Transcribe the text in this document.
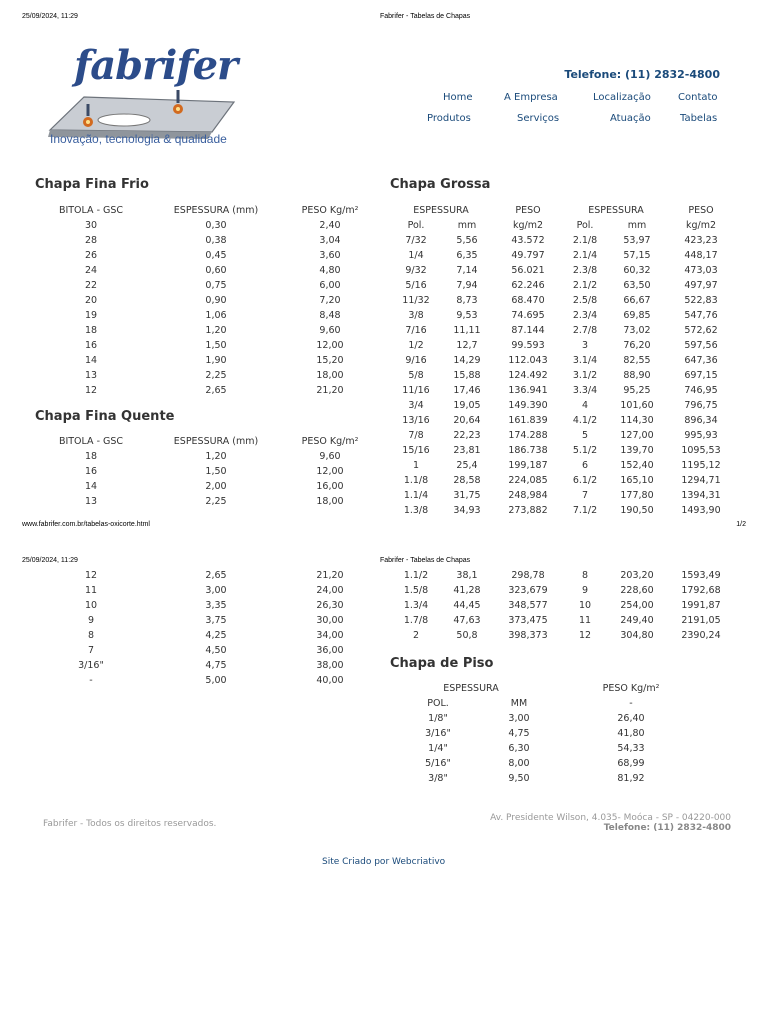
25/09/2024, 11:29	Fabrifer - Tabelas de Chapas
fabrifer
Inovação, tecnologia & qualidade
Telefone: (11) 2832-4800
Home	A Empresa	Localização	Contato
Produtos	Serviços	Atuação	Tabelas
Chapa Fina Frio
BITOLA - GSC	ESPESSURA (mm)	PESO Kg/m²
30	0,30	2,40
28	0,38	3,04
26	0,45	3,60
24	0,60	4,80
22	0,75	6,00
20	0,90	7,20
19	1,06	8,48
18	1,20	9,60
16	1,50	12,00
14	1,90	15,20
13	2,25	18,00
12	2,65	21,20
Chapa Fina Quente
BITOLA - GSC	ESPESSURA (mm)	PESO Kg/m²
18	1,20	9,60
16	1,50	12,00
14	2,00	16,00
13	2,25	18,00
Chapa Grossa
ESPESSURA		PESO	ESPESSURA		PESO
Pol.	mm	kg/m2	Pol.	mm	kg/m2
7/32	5,56	43.572	2.1/8	53,97	423,23
1/4	6,35	49.797	2.1/4	57,15	448,17
9/32	7,14	56.021	2.3/8	60,32	473,03
5/16	7,94	62.246	2.1/2	63,50	497,97
11/32	8,73	68.470	2.5/8	66,67	522,83
3/8	9,53	74.695	2.3/4	69,85	547,76
7/16	11,11	87.144	2.7/8	73,02	572,62
1/2	12,7	99.593	3	76,20	597,56
9/16	14,29	112.043	3.1/4	82,55	647,36
5/8	15,88	124.492	3.1/2	88,90	697,15
11/16	17,46	136.941	3.3/4	95,25	746,95
3/4	19,05	149.390	4	101,60	796,75
13/16	20,64	161.839	4.1/2	114,30	896,34
7/8	22,23	174.288	5	127,00	995,93
15/16	23,81	186.738	5.1/2	139,70	1095,53
1	25,4	199,187	6	152,40	1195,12
1.1/8	28,58	224,085	6.1/2	165,10	1294,71
1.1/4	31,75	248,984	7	177,80	1394,31
1.3/8	34,93	273,882	7.1/2	190,50	1493,90
www.fabrifer.com.br/tabelas-oxicorte.html	1/2
25/09/2024, 11:29	Fabrifer - Tabelas de Chapas
12	2,65	21,20
11	3,00	24,00
10	3,35	26,30
9	3,75	30,00
8	4,25	34,00
7	4,50	36,00
3/16"	4,75	38,00
-	5,00	40,00
1.1/2	38,1	298,78	8	203,20	1593,49
1.5/8	41,28	323,679	9	228,60	1792,68
1.3/4	44,45	348,577	10	254,00	1991,87
1.7/8	47,63	373,475	11	249,40	2191,05
2	50,8	398,373	12	304,80	2390,24
Chapa de Piso
ESPESSURA		PESO Kg/m²
POL.	MM	-
1/8"	3,00	26,40
3/16"	4,75	41,80
1/4"	6,30	54,33
5/16"	8,00	68,99
3/8"	9,50	81,92
Fabrifer - Todos os direitos reservados.
Av. Presidente Wilson, 4.035- Moóca - SP - 04220-000
Telefone: (11) 2832-4800
Site Criado por Webcriativo
